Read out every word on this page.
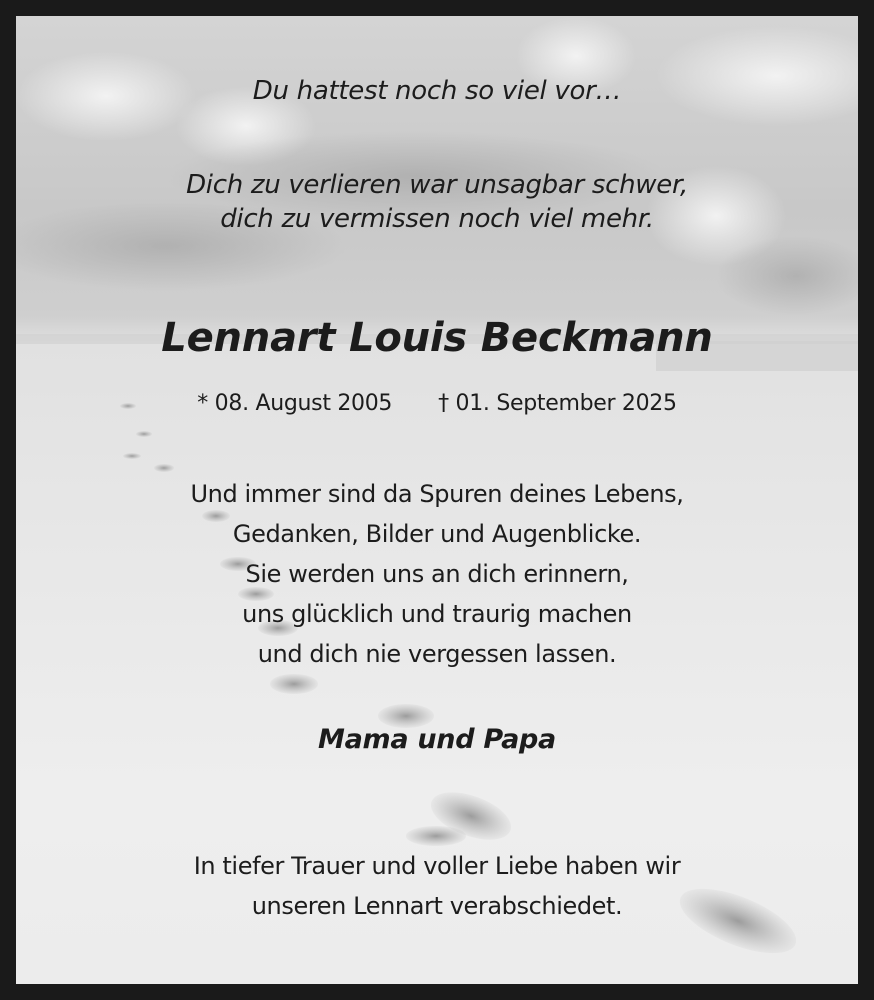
Du hattest noch so viel vor…
Dich zu verlieren war unsagbar schwer,
dich zu vermissen noch viel mehr.
Lennart Louis Beckmann
* 08. August 2005 † 01. September 2025
Und immer sind da Spuren deines Lebens,
Gedanken, Bilder und Augenblicke.
Sie werden uns an dich erinnern,
uns glücklich und traurig machen
und dich nie vergessen lassen.
Mama und Papa
In tiefer Trauer und voller Liebe haben wir
unseren Lennart verabschiedet.
